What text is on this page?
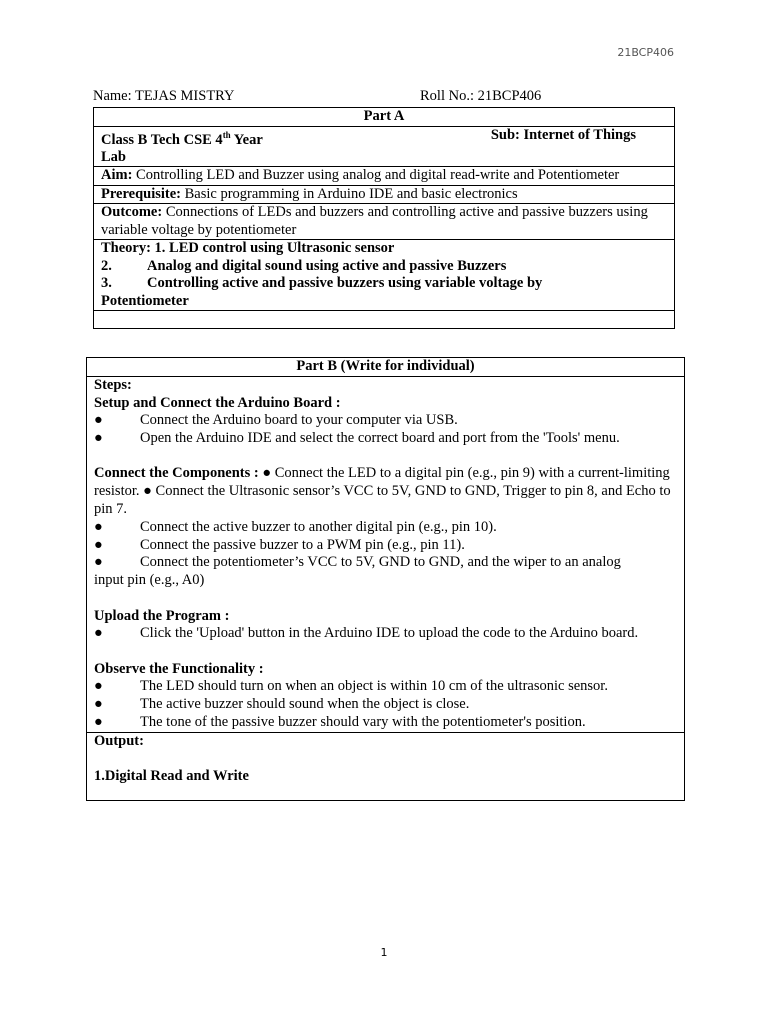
21BCP406
Name: TEJAS MISTRY	Roll No.: 21BCP406
Part A

Class B Tech CSE 4th Year	Sub: Internet of Things
Lab

Aim: Controlling LED and Buzzer using analog and digital read-write and Potentiometer
Prerequisite: Basic programming in Arduino IDE and basic electronics
Outcome: Connections of LEDs and buzzers and controlling active and passive buzzers using variable voltage by potentiometer

Theory: 1. LED control using Ultrasonic sensor
2. Analog and digital sound using active and passive Buzzers
3. Controlling active and passive buzzers using variable voltage by
Potentiometer

Part B (Write for individual)

Steps:
Setup and Connect the Arduino Board :
●	Connect the Arduino board to your computer via USB.
●	Open the Arduino IDE and select the correct board and port from the 'Tools' menu.
Connect the Components : ● Connect the LED to a digital pin (e.g., pin 9) with a current-limiting resistor. ● Connect the Ultrasonic sensor’s VCC to 5V, GND to GND, Trigger to pin 8, and Echo to pin 7.
●	Connect the active buzzer to another digital pin (e.g., pin 10).
●	Connect the passive buzzer to a PWM pin (e.g., pin 11).
●	Connect the potentiometer’s VCC to 5V, GND to GND, and the wiper to an analog
input pin (e.g., A0)
Upload the Program :
●	Click the 'Upload' button in the Arduino IDE to upload the code to the Arduino board.
Observe the Functionality :
●	The LED should turn on when an object is within 10 cm of the ultrasonic sensor.
●	The active buzzer should sound when the object is close.
●	The tone of the passive buzzer should vary with the potentiometer's position.

Output:
1.Digital Read and Write
1
